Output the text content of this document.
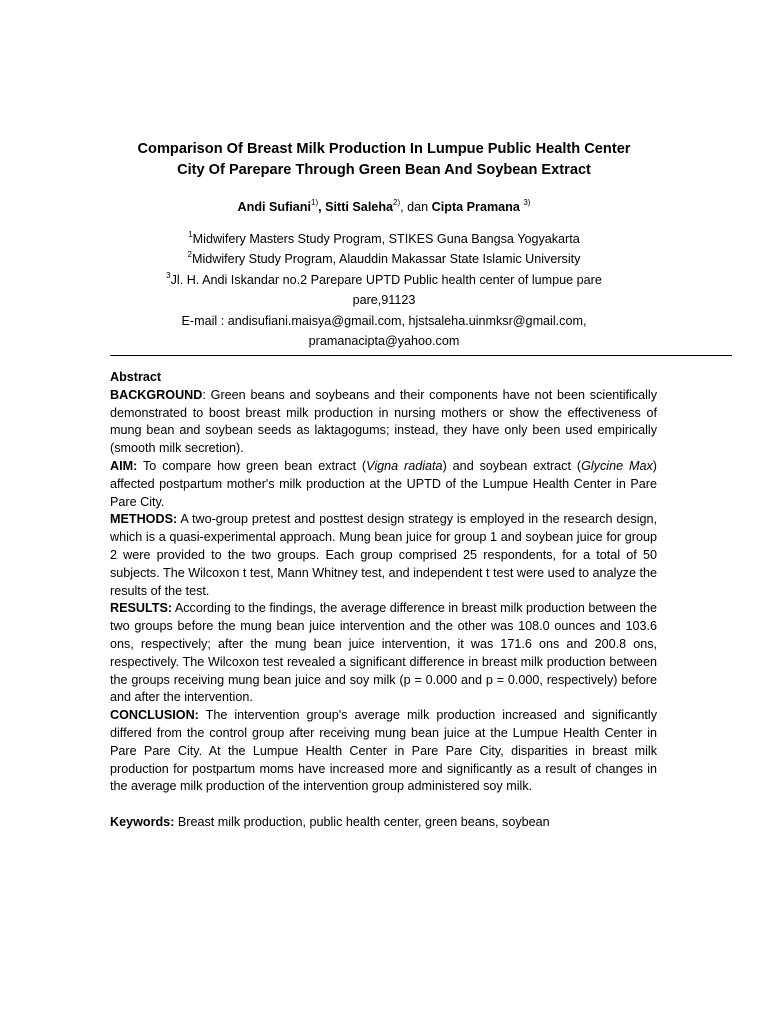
Comparison Of Breast Milk Production In Lumpue Public Health Center
City Of Parepare Through Green Bean And Soybean Extract
Andi Sufiani$^{1)}$, Sitti Saleha$^{2)}$, dan Cipta Pramana $^{3)}$
$^1$Midwifery Masters Study Program, STIKES Guna Bangsa Yogyakarta
$^2$Midwifery Study Program, Alauddin Makassar State Islamic University
$^3$Jl. H. Andi Iskandar no.2 Parepare UPTD Public health center of lumpue pare
pare,91123
E-mail : andisufiani.maisya@gmail.com, hjstsaleha.uinmksr@gmail.com,
pramanacipta@yahoo.com

Abstract

BACKGROUND: Green beans and soybeans and their components have not been scientifically demonstrated to boost breast milk production in nursing mothers or show the effectiveness of mung bean and soybean seeds as laktagogums; instead, they have only been used empirically (smooth milk secretion).

AIM: To compare how green bean extract (Vigna radiata) and soybean extract (Glycine Max) affected postpartum mother's milk production at the UPTD of the Lumpue Health Center in Pare Pare City.

METHODS: A two-group pretest and posttest design strategy is employed in the research design, which is a quasi-experimental approach. Mung bean juice for group 1 and soybean juice for group 2 were provided to the two groups. Each group comprised 25 respondents, for a total of 50 subjects. The Wilcoxon t test, Mann Whitney test, and independent t test were used to analyze the results of the test.

RESULTS: According to the findings, the average difference in breast milk production between the two groups before the mung bean juice intervention and the other was 108.0 ounces and 103.6 ons, respectively; after the mung bean juice intervention, it was 171.6 ons and 200.8 ons, respectively. The Wilcoxon test revealed a significant difference in breast milk production between the groups receiving mung bean juice and soy milk (p = 0.000 and p = 0.000, respectively) before and after the intervention.

CONCLUSION: The intervention group's average milk production increased and significantly differed from the control group after receiving mung bean juice at the Lumpue Health Center in Pare Pare City. At the Lumpue Health Center in Pare Pare City, disparities in breast milk production for postpartum moms have increased more and significantly as a result of changes in the average milk production of the intervention group administered soy milk.

Keywords: Breast milk production, public health center, green beans, soybean
